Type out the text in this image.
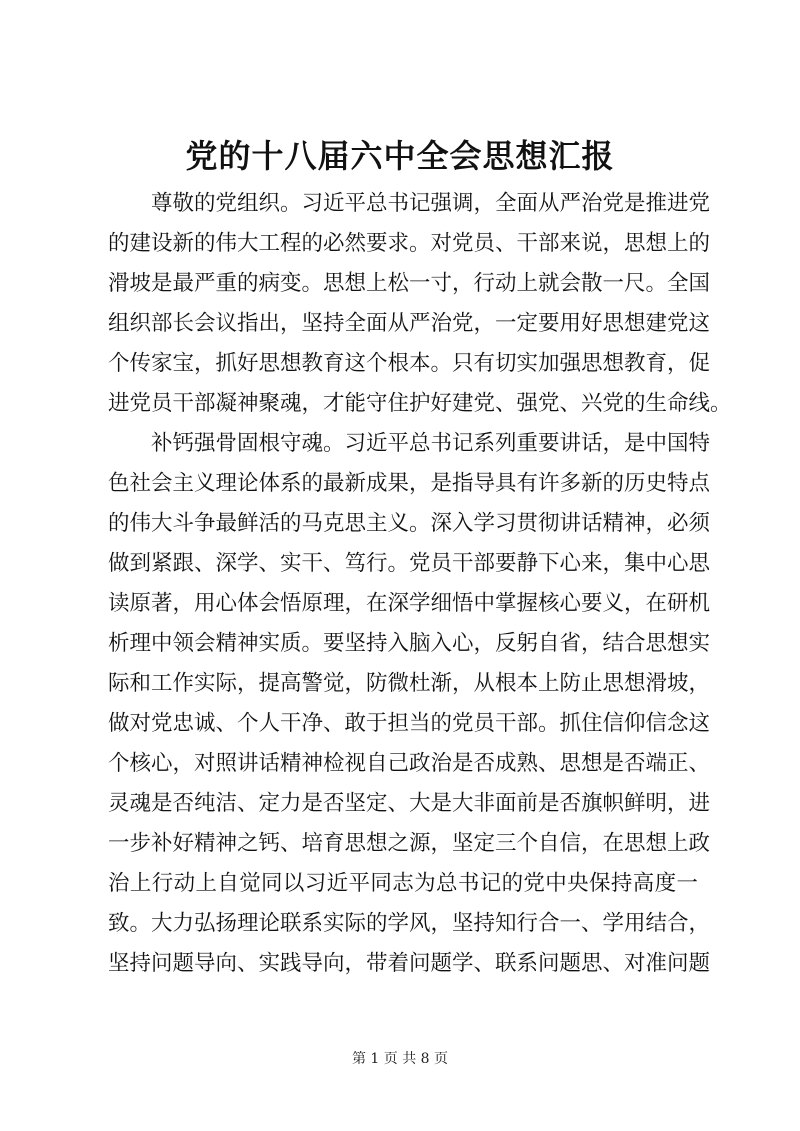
党的十八届六中全会思想汇报
尊敬的党组织。习近平总书记强调，全面从严治党是推进党
的建设新的伟大工程的必然要求。对党员、干部来说，思想上的
滑坡是最严重的病变。思想上松一寸，行动上就会散一尺。全国
组织部长会议指出，坚持全面从严治党，一定要用好思想建党这
个传家宝，抓好思想教育这个根本。只有切实加强思想教育，促
进党员干部凝神聚魂，才能守住护好建党、强党、兴党的生命线。
补钙强骨固根守魂。习近平总书记系列重要讲话，是中国特
色社会主义理论体系的最新成果，是指导具有许多新的历史特点
的伟大斗争最鲜活的马克思主义。深入学习贯彻讲话精神，必须
做到紧跟、深学、实干、笃行。党员干部要静下心来，集中心思
读原著，用心体会悟原理，在深学细悟中掌握核心要义，在研机
析理中领会精神实质。要坚持入脑入心，反躬自省，结合思想实
际和工作实际，提高警觉，防微杜渐，从根本上防止思想滑坡，
做对党忠诚、个人干净、敢于担当的党员干部。抓住信仰信念这
个核心，对照讲话精神检视自己政治是否成熟、思想是否端正、
灵魂是否纯洁、定力是否坚定、大是大非面前是否旗帜鲜明，进
一步补好精神之钙、培育思想之源，坚定三个自信，在思想上政
治上行动上自觉同以习近平同志为总书记的党中央保持高度一
致。大力弘扬理论联系实际的学风，坚持知行合一、学用结合，
坚持问题导向、实践导向，带着问题学、联系问题思、对准问题
第 1 页 共 8 页
